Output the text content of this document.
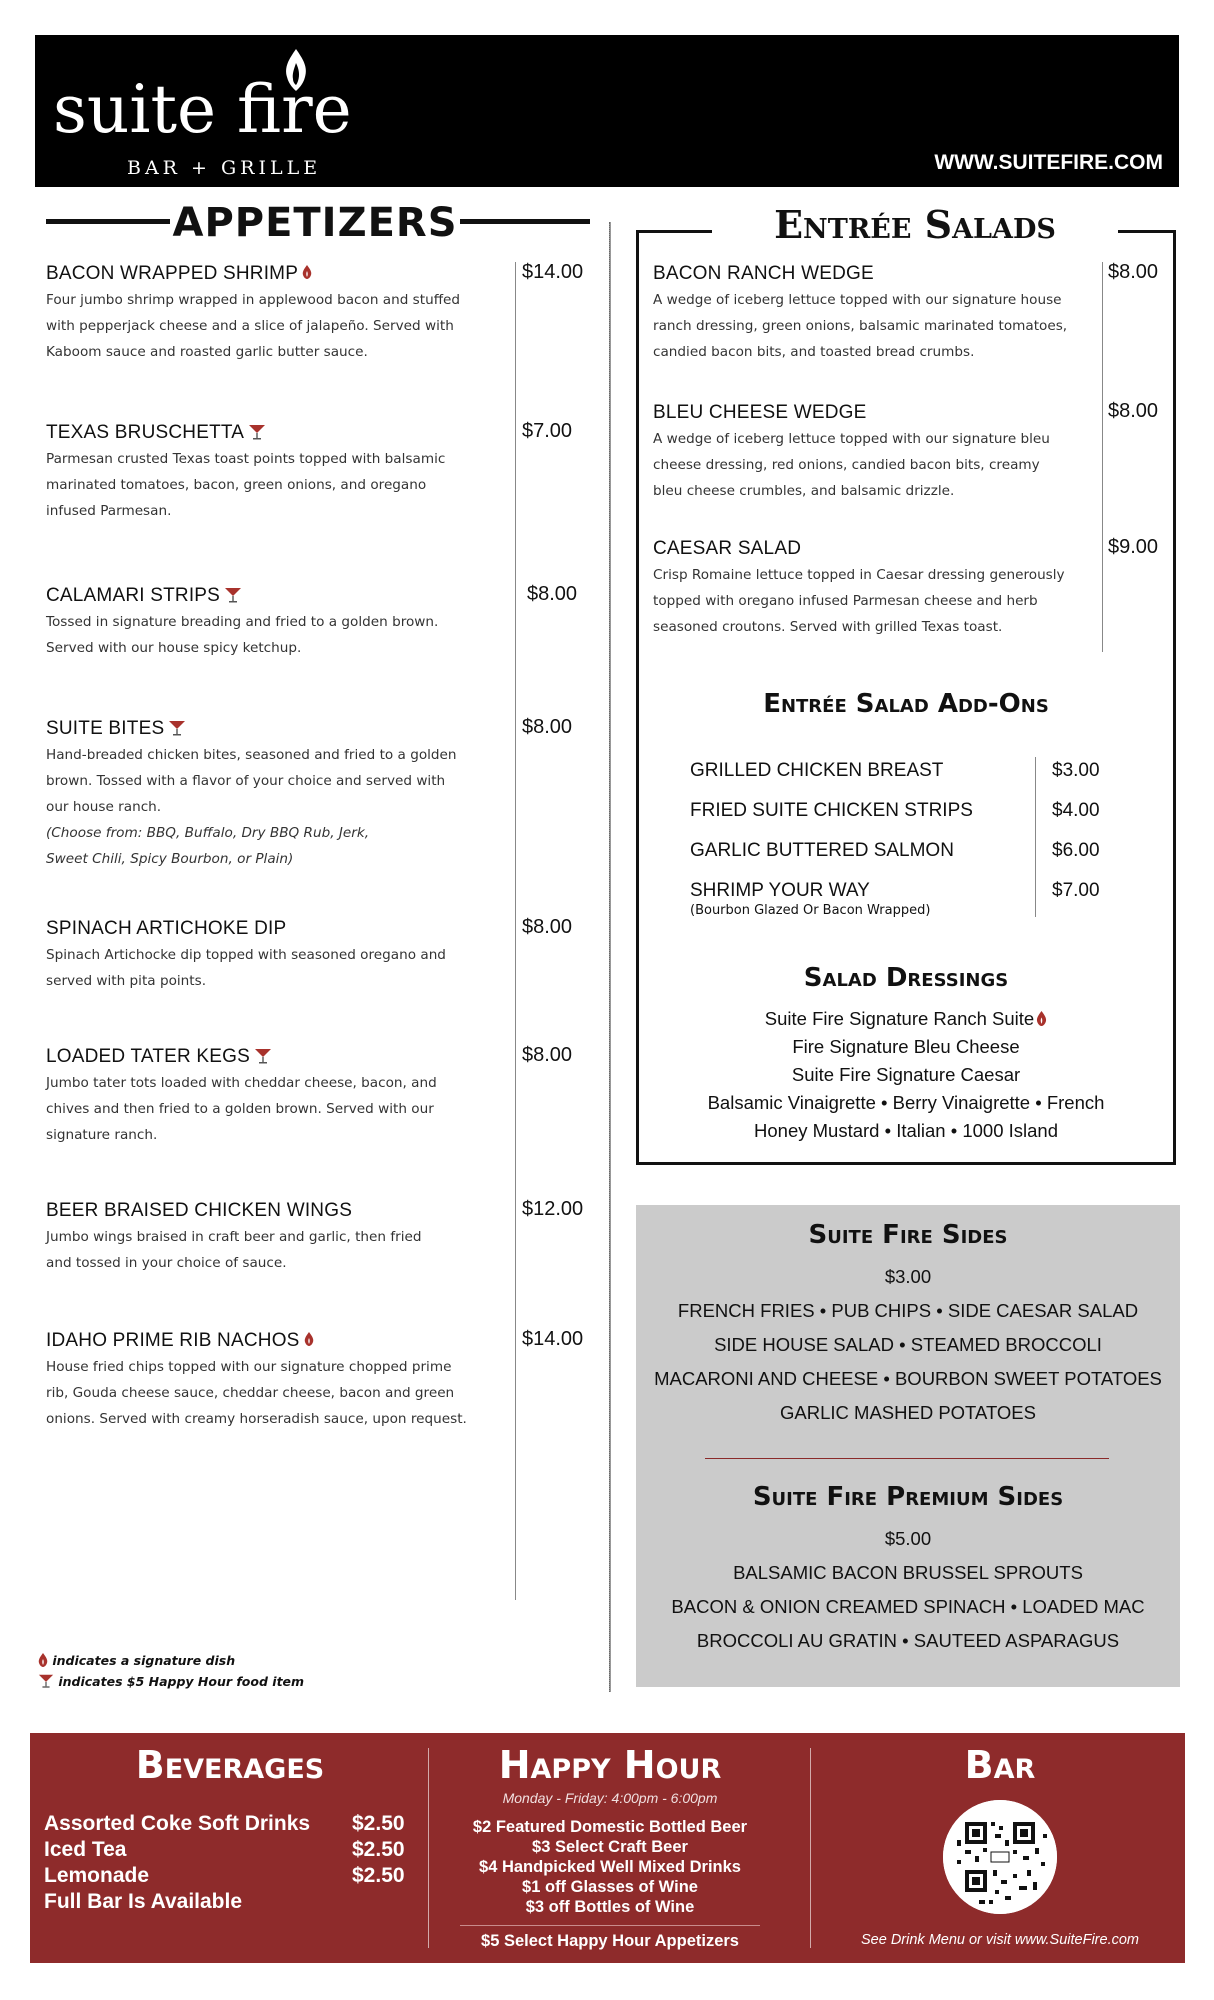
suite fire
BAR + GRILLE	WWW.SUITEFIRE.COM
APPETIZERS
BACON WRAPPED SHRIMP
Four jumbo shrimp wrapped in applewood bacon and stuffed
with pepperjack cheese and a slice of jalapeño. Served with
Kaboom sauce and roasted garlic butter sauce.
$14.00
TEXAS BRUSCHETTA
Parmesan crusted Texas toast points topped with balsamic
marinated tomatoes, bacon, green onions, and oregano
infused Parmesan.
$7.00
CALAMARI STRIPS
Tossed in signature breading and fried to a golden brown.
Served with our house spicy ketchup.
$8.00
SUITE BITES
Hand-breaded chicken bites, seasoned and fried to a golden
brown. Tossed with a flavor of your choice and served with
our house ranch.
(Choose from: BBQ, Buffalo, Dry BBQ Rub, Jerk,
Sweet Chili, Spicy Bourbon, or Plain)
$8.00
SPINACH ARTICHOKE DIP
Spinach Artichocke dip topped with seasoned oregano and
served with pita points.
$8.00
LOADED TATER KEGS
Jumbo tater tots loaded with cheddar cheese, bacon, and
chives and then fried to a golden brown. Served with our
signature ranch.
$8.00
BEER BRAISED CHICKEN WINGS
Jumbo wings braised in craft beer and garlic, then fried
and tossed in your choice of sauce.
$12.00
IDAHO PRIME RIB NACHOS
House fried chips topped with our signature chopped prime
rib, Gouda cheese sauce, cheddar cheese, bacon and green
onions. Served with creamy horseradish sauce, upon request.
$14.00
indicates a signature dish
indicates $5 Happy Hour food item
Entrée Salads
BACON RANCH WEDGE
A wedge of iceberg lettuce topped with our signature house
ranch dressing, green onions, balsamic marinated tomatoes,
candied bacon bits, and toasted bread crumbs.
$8.00
BLEU CHEESE WEDGE
A wedge of iceberg lettuce topped with our signature bleu
cheese dressing, red onions, candied bacon bits, creamy
bleu cheese crumbles, and balsamic drizzle.
$8.00
CAESAR SALAD
Crisp Romaine lettuce topped in Caesar dressing generously
topped with oregano infused Parmesan cheese and herb
seasoned croutons. Served with grilled Texas toast.
$9.00
Entrée Salad Add-Ons
GRILLED CHICKEN BREAST	$3.00
FRIED SUITE CHICKEN STRIPS	$4.00
GARLIC BUTTERED SALMON	$6.00
SHRIMP YOUR WAY	$7.00
(Bourbon Glazed Or Bacon Wrapped)
Salad Dressings
Suite Fire Signature Ranch Suite
Fire Signature Bleu Cheese
Suite Fire Signature Caesar
Balsamic Vinaigrette • Berry Vinaigrette • French
Honey Mustard • Italian • 1000 Island
Suite Fire Sides
$3.00
FRENCH FRIES • PUB CHIPS • SIDE CAESAR SALAD
SIDE HOUSE SALAD • STEAMED BROCCOLI
MACARONI AND CHEESE • BOURBON SWEET POTATOES
GARLIC MASHED POTATOES
Suite Fire Premium Sides
$5.00
BALSAMIC BACON BRUSSEL SPROUTS
BACON & ONION CREAMED SPINACH • LOADED MAC
BROCCOLI AU GRATIN • SAUTEED ASPARAGUS
Beverages
Assorted Coke Soft Drinks $2.50
Iced Tea	$2.50
Lemonade	$2.50
Full Bar Is Available
Happy Hour
Monday - Friday: 4:00pm - 6:00pm
$2 Featured Domestic Bottled Beer
$3 Select Craft Beer
$4 Handpicked Well Mixed Drinks
$1 off Glasses of Wine
$3 off Bottles of Wine
$5 Select Happy Hour Appetizers
Bar
See Drink Menu or visit www.SuiteFire.com
